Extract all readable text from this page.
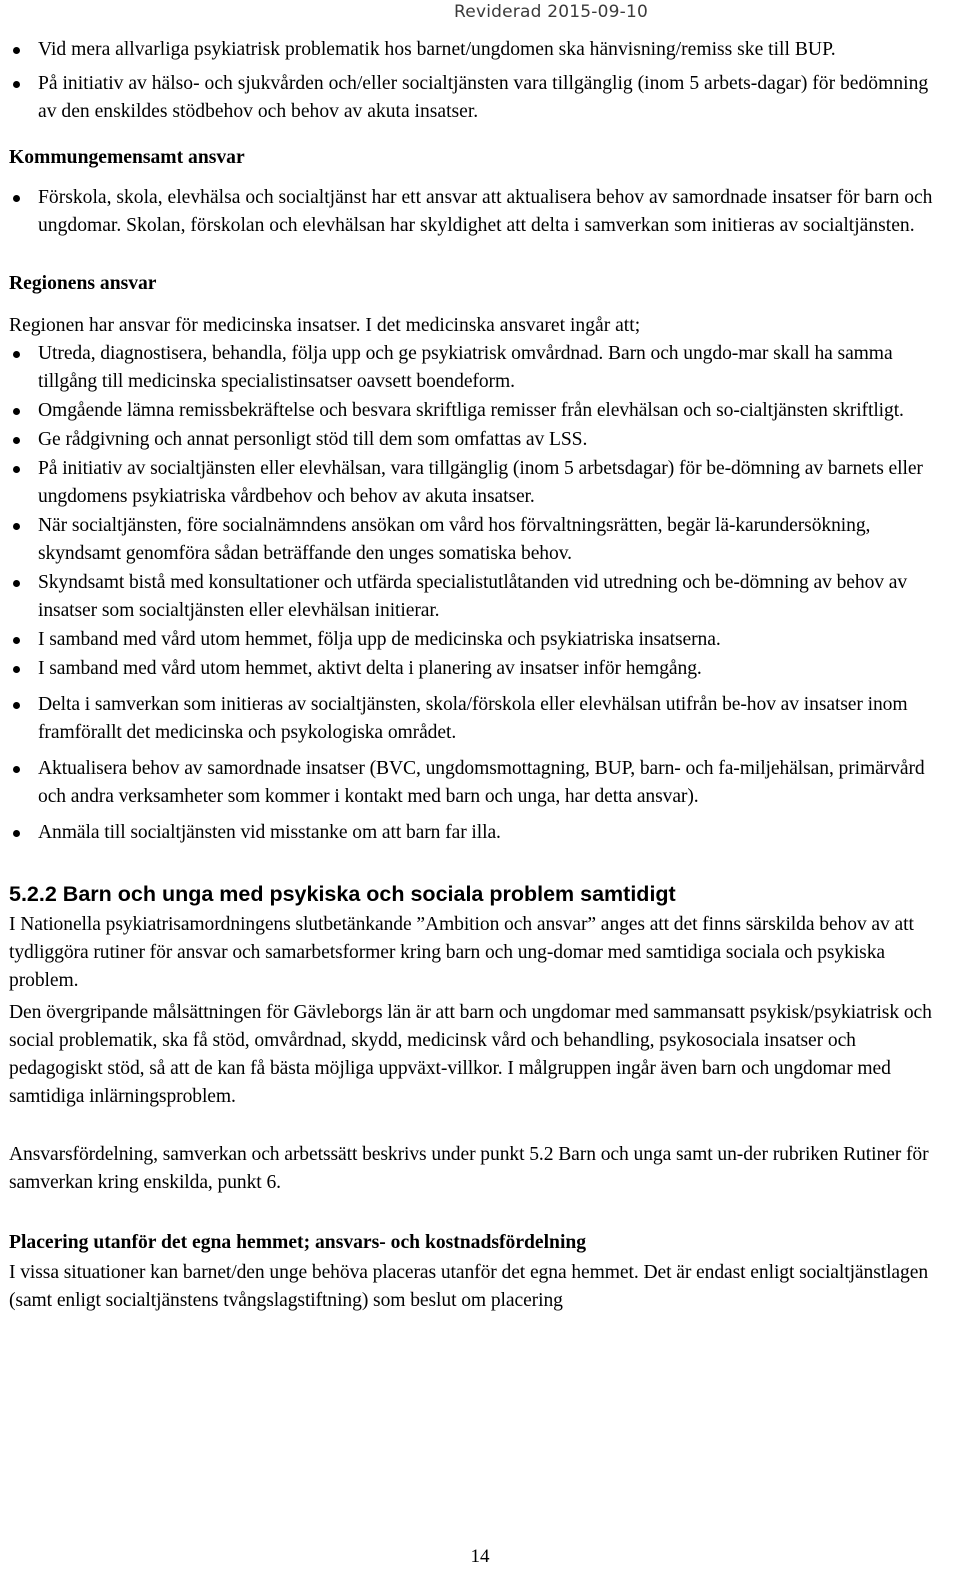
Reviderad 2015-09-10
Vid mera allvarliga psykiatrisk problematik hos barnet/ungdomen ska hänvisning/remiss ske till BUP.
På initiativ av hälso- och sjukvården och/eller socialtjänsten vara tillgänglig (inom 5 arbets-dagar) för bedömning av den enskildes stödbehov och behov av akuta insatser.

Kommungemensamt ansvar

Förskola, skola, elevhälsa och socialtjänst har ett ansvar att aktualisera behov av samordnade insatser för barn och ungdomar. Skolan, förskolan och elevhälsan har skyldighet att delta i samverkan som initieras av socialtjänsten.

Regionens ansvar

Regionen har ansvar för medicinska insatser. I det medicinska ansvaret ingår att;

Utreda, diagnostisera, behandla, följa upp och ge psykiatrisk omvårdnad. Barn och ungdo-mar skall ha samma tillgång till medicinska specialistinsatser oavsett boendeform.
Omgående lämna remissbekräftelse och besvara skriftliga remisser från elevhälsan och so-cialtjänsten skriftligt.
Ge rådgivning och annat personligt stöd till dem som omfattas av LSS.
På initiativ av socialtjänsten eller elevhälsan, vara tillgänglig (inom 5 arbetsdagar) för be-dömning av barnets eller ungdomens psykiatriska vårdbehov och behov av akuta insatser.
När socialtjänsten, före socialnämndens ansökan om vård hos förvaltningsrätten, begär lä-karundersökning, skyndsamt genomföra sådan beträffande den unges somatiska behov.
Skyndsamt bistå med konsultationer och utfärda specialistutlåtanden vid utredning och be-dömning av behov av insatser som socialtjänsten eller elevhälsan initierar.
I samband med vård utom hemmet, följa upp de medicinska och psykiatriska insatserna.
I samband med vård utom hemmet, aktivt delta i planering av insatser inför hemgång.
Delta i samverkan som initieras av socialtjänsten, skola/förskola eller elevhälsan utifrån be-hov av insatser inom framförallt det medicinska och psykologiska området.
Aktualisera behov av samordnade insatser (BVC, ungdomsmottagning, BUP, barn- och fa-miljehälsan, primärvård och andra verksamheter som kommer i kontakt med barn och unga, har detta ansvar).
Anmäla till socialtjänsten vid misstanke om att barn far illa.

5.2.2 Barn och unga med psykiska och sociala problem samtidigt

I Nationella psykiatrisamordningens slutbetänkande ”Ambition och ansvar” anges att det finns särskilda behov av att tydliggöra rutiner för ansvar och samarbetsformer kring barn och ung-domar med samtidiga sociala och psykiska problem.

Den övergripande målsättningen för Gävleborgs län är att barn och ungdomar med sammansatt psykisk/psykiatrisk och social problematik, ska få stöd, omvårdnad, skydd, medicinsk vård och behandling, psykosociala insatser och pedagogiskt stöd, så att de kan få bästa möjliga uppväxt-villkor. I målgruppen ingår även barn och ungdomar med samtidiga inlärningsproblem.

Ansvarsfördelning, samverkan och arbetssätt beskrivs under punkt 5.2 Barn och unga samt un-der rubriken Rutiner för samverkan kring enskilda, punkt 6.

Placering utanför det egna hemmet; ansvars- och kostnadsfördelning

I vissa situationer kan barnet/den unge behöva placeras utanför det egna hemmet. Det är endast enligt socialtjänstlagen (samt enligt socialtjänstens tvångslagstiftning) som beslut om placering

14
